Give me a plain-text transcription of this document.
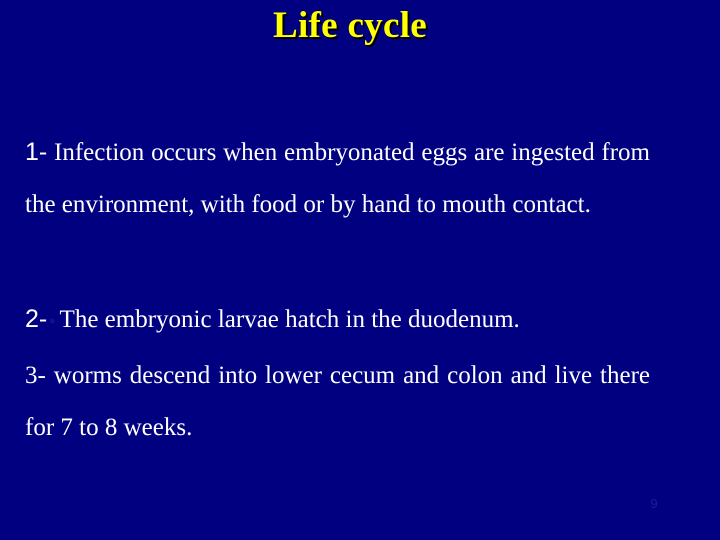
Life cycle
1- Infection occurs when embryonated eggs are ingested from the environment, with food or by hand to mouth contact.
2- • The embryonic larvae hatch in the duodenum.
3- worms descend into lower cecum and colon and live there for 7 to 8 weeks.
9
